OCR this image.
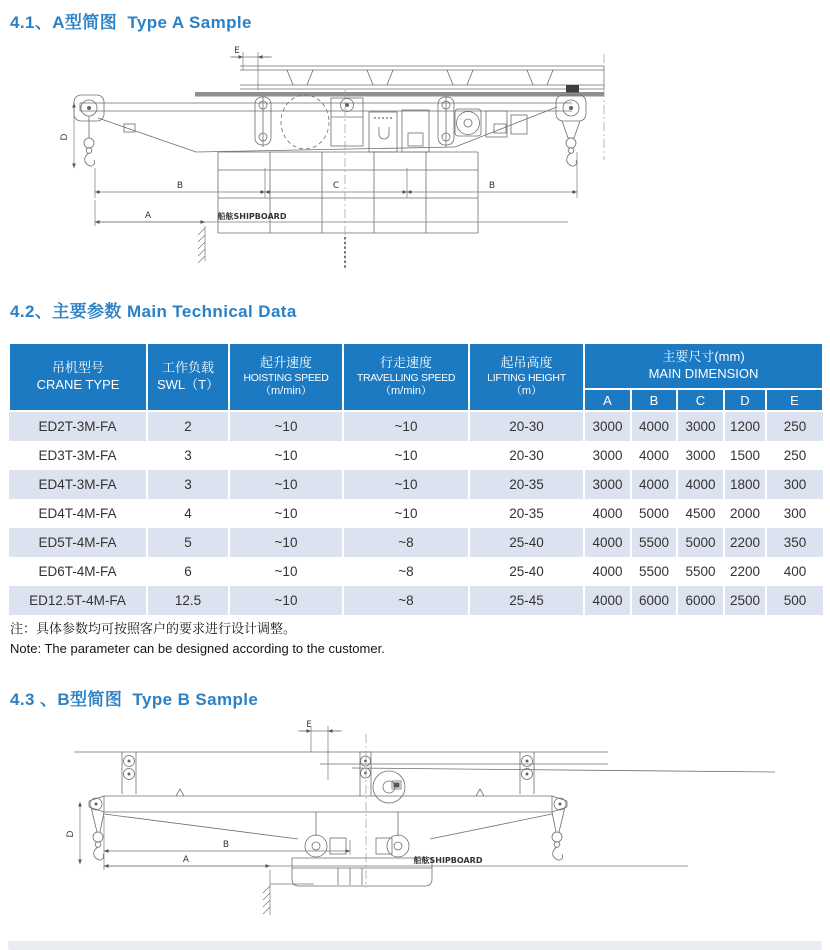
4.1、A型简图  Type A Sample
E
D
B	C	B
A	船舷SHIPBOARD
4.2、主要参数 Main Technical Data
吊机型号
CRANE TYPE

工作负载
SWL（T）

起升速度
HOISTING SPEED
（m/min）

行走速度
TRAVELLING SPEED
（m/min）

起吊高度
LIFTING HEIGHT
（m）

主要尺寸(mm)
MAIN DIMENSION

					A	B	C	D	E
ED2T-3M-FA	2	~10	~10	20-30	3000	4000	3000	1200	250
ED3T-3M-FA	3	~10	~10	20-30	3000	4000	3000	1500	250
ED4T-3M-FA	3	~10	~10	20-35	3000	4000	4000	1800	300
ED4T-4M-FA	4	~10	~10	20-35	4000	5000	4500	2000	300
ED5T-4M-FA	5	~10	~8	25-40	4000	5500	5000	2200	350
ED6T-4M-FA	6	~10	~8	25-40	4000	5500	5500	2200	400
ED12.5T-4M-FA	12.5	~10	~8	25-45	4000	6000	6000	2500	500
注：具体参数均可按照客户的要求进行设计调整。
Note: The parameter can be designed according to the customer.
4.3 、B型简图  Type B Sample
E
D
B
A	船舷SHIPBOARD
